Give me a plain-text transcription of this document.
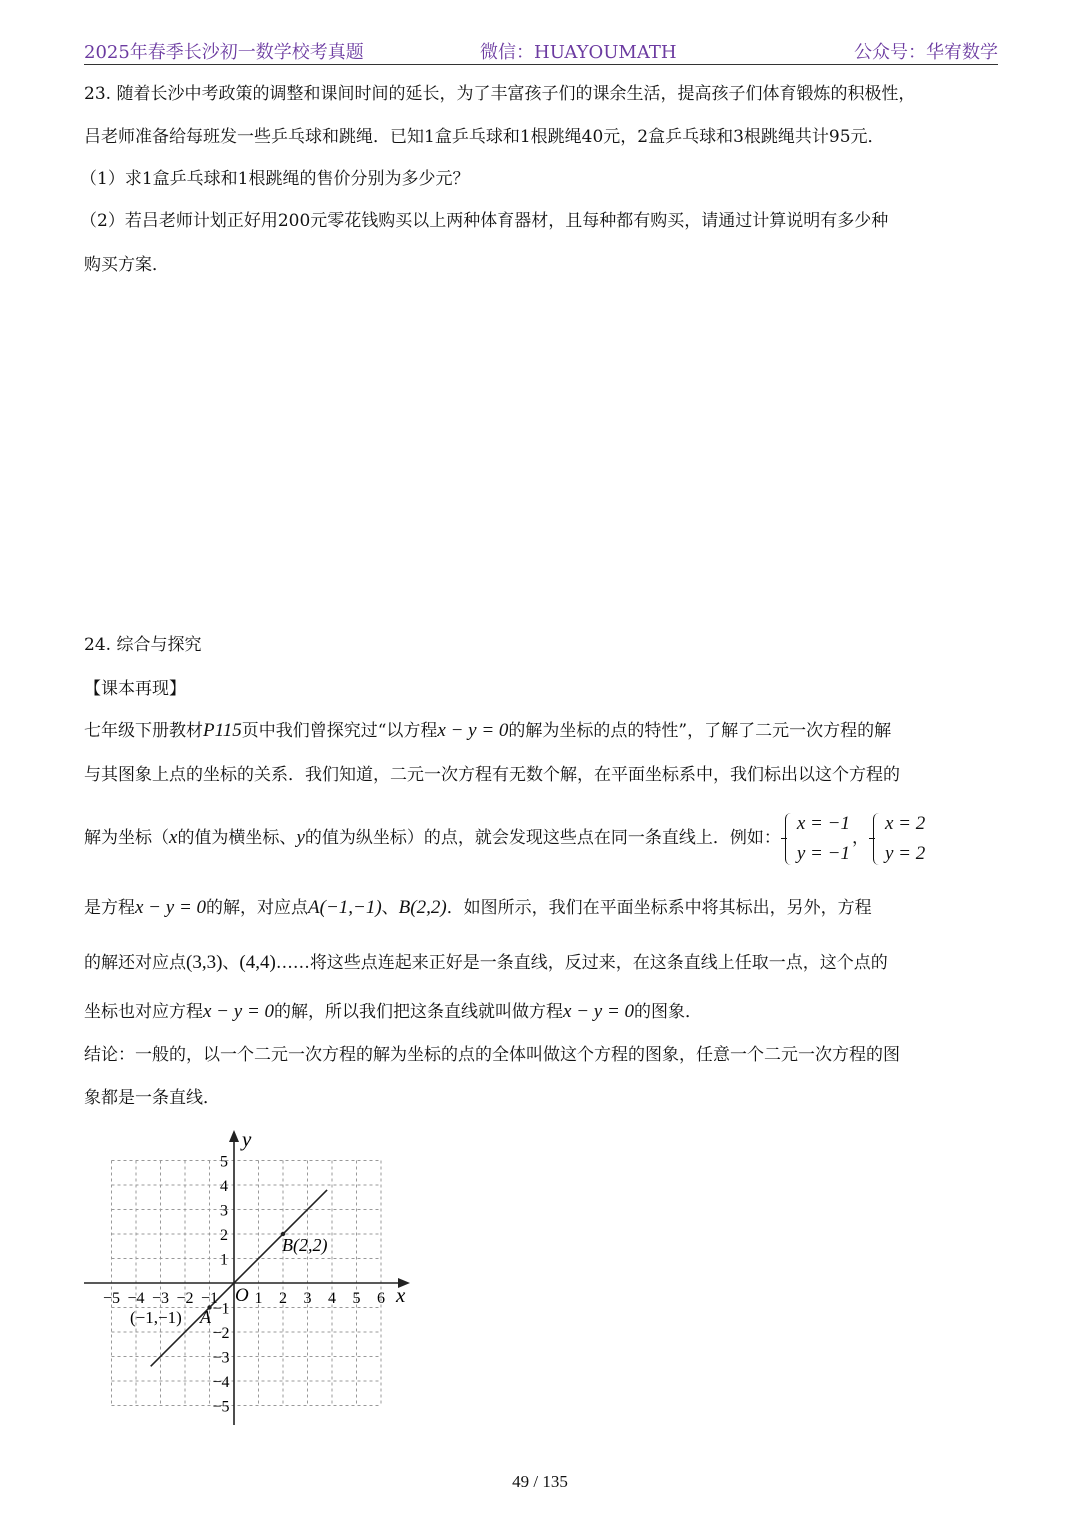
2025年春季长沙初一数学校考真题	微信：HUAYOUMATH	公众号：华宥数学
23. 随着长沙中考政策的调整和课间时间的延长，为了丰富孩子们的课余生活，提高孩子们体育锻炼的积极性，
吕老师准备给每班发一些乒乓球和跳绳．已知1盒乒乓球和1根跳绳40元，2盒乒乓球和3根跳绳共计95元．
（1）求1盒乒乓球和1根跳绳的售价分别为多少元？
（2）若吕老师计划正好用200元零花钱购买以上两种体育器材，且每种都有购买，请通过计算说明有多少种
购买方案．
24. 综合与探究
【课本再现】
七年级下册教材P115页中我们曾探究过“以方程x − y = 0的解为坐标的点的特性”，了解了二元一次方程的解
与其图象上点的坐标的关系．我们知道，二元一次方程有无数个解，在平面坐标系中，我们标出以这个方程的
解为坐标（x的值为横坐标、y的值为纵坐标）的点，就会发现这些点在同一条直线上．例如：
x = −1
y = −1
，
x = 2
y = 2
是方程x − y = 0的解，对应点A(−1,−1)、B(2,2)．如图所示，我们在平面坐标系中将其标出，另外，方程
的解还对应点(3,3)、(4,4)……将这些点连起来正好是一条直线，反过来，在这条直线上任取一点，这个点的
坐标也对应方程x − y = 0的解，所以我们把这条直线就叫做方程x − y = 0的图象．
结论：一般的，以一个二元一次方程的解为坐标的点的全体叫做这个方程的图象，任意一个二元一次方程的图
象都是一条直线．
x
y
O 1 2 3 4 5 6
−5 −4 −3 −2 −1
5
4
3
2
1
−1
−2
−3
−4
−5
B(2,2)
(−1,−1) A
49 / 135
